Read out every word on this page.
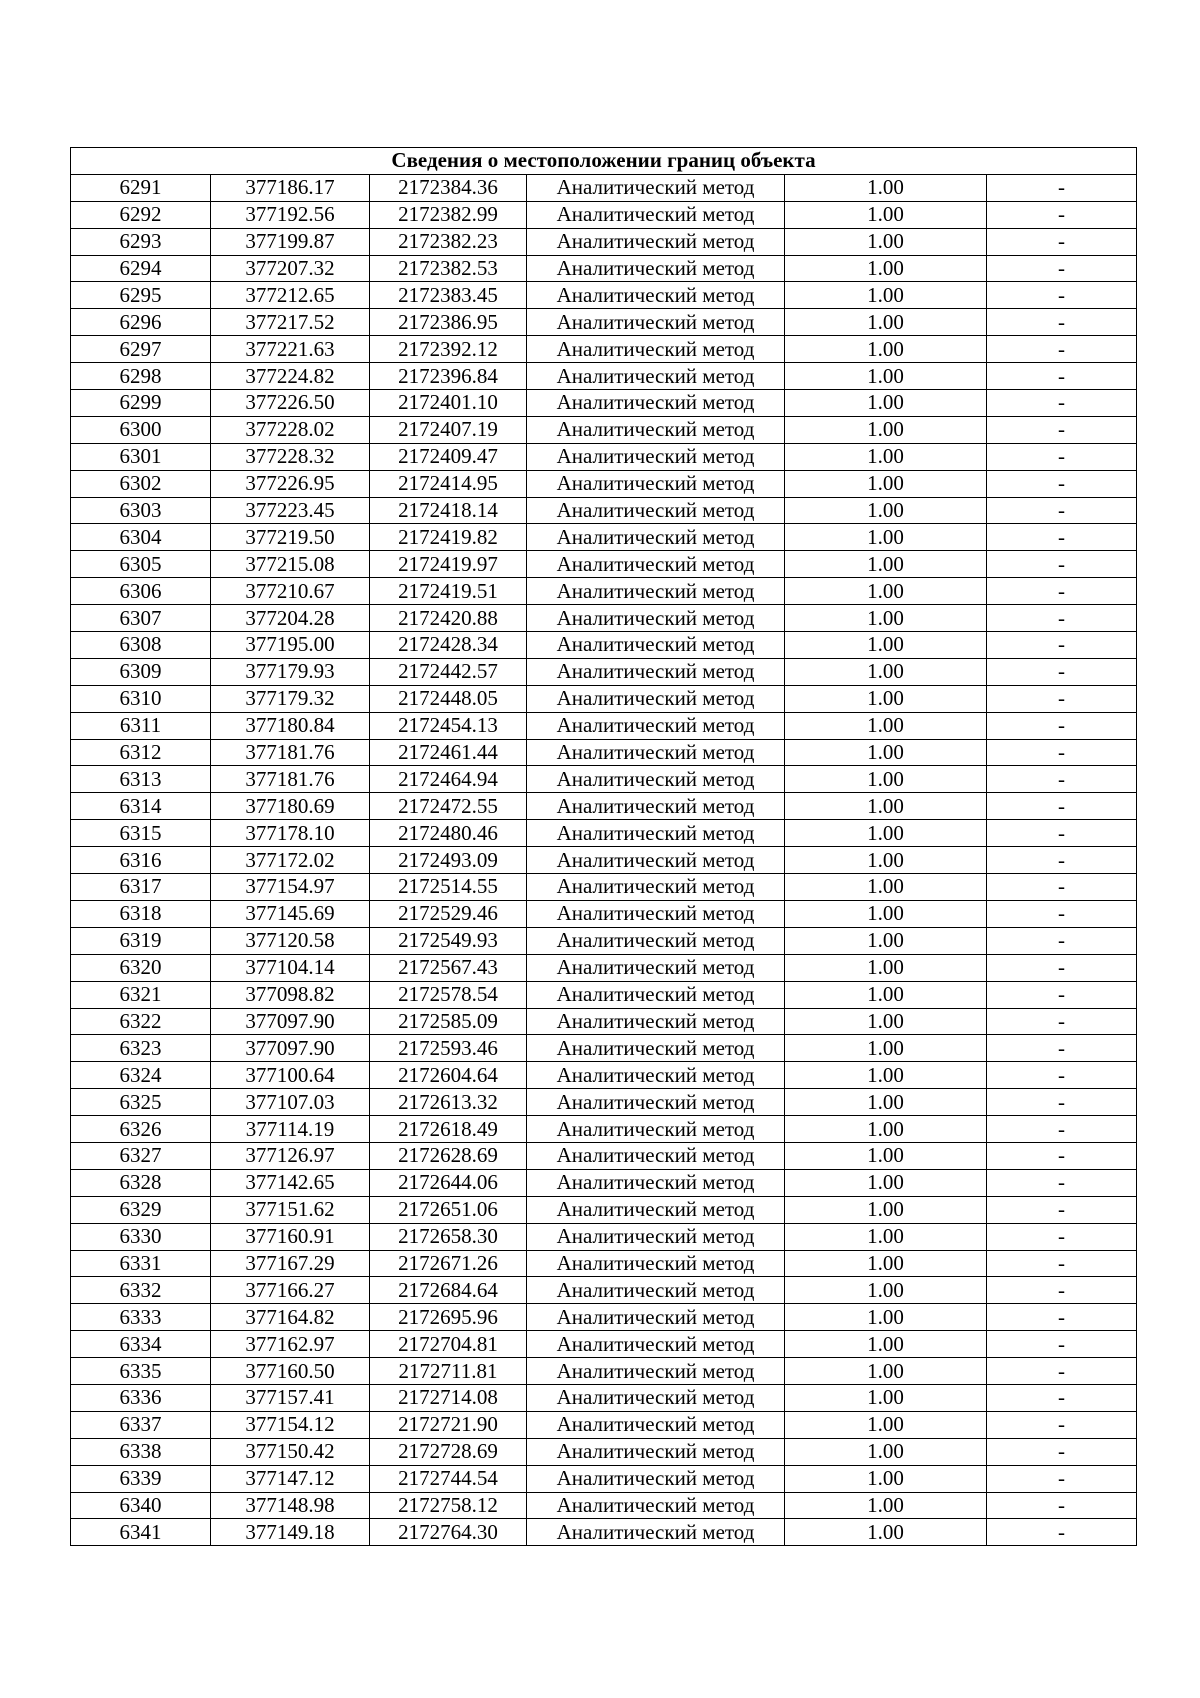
Сведения о местоположении границ объекта					
6291	377186.17	2172384.36	Аналитический метод	1.00	-
6292	377192.56	2172382.99	Аналитический метод	1.00	-
6293	377199.87	2172382.23	Аналитический метод	1.00	-
6294	377207.32	2172382.53	Аналитический метод	1.00	-
6295	377212.65	2172383.45	Аналитический метод	1.00	-
6296	377217.52	2172386.95	Аналитический метод	1.00	-
6297	377221.63	2172392.12	Аналитический метод	1.00	-
6298	377224.82	2172396.84	Аналитический метод	1.00	-
6299	377226.50	2172401.10	Аналитический метод	1.00	-
6300	377228.02	2172407.19	Аналитический метод	1.00	-
6301	377228.32	2172409.47	Аналитический метод	1.00	-
6302	377226.95	2172414.95	Аналитический метод	1.00	-
6303	377223.45	2172418.14	Аналитический метод	1.00	-
6304	377219.50	2172419.82	Аналитический метод	1.00	-
6305	377215.08	2172419.97	Аналитический метод	1.00	-
6306	377210.67	2172419.51	Аналитический метод	1.00	-
6307	377204.28	2172420.88	Аналитический метод	1.00	-
6308	377195.00	2172428.34	Аналитический метод	1.00	-
6309	377179.93	2172442.57	Аналитический метод	1.00	-
6310	377179.32	2172448.05	Аналитический метод	1.00	-
6311	377180.84	2172454.13	Аналитический метод	1.00	-
6312	377181.76	2172461.44	Аналитический метод	1.00	-
6313	377181.76	2172464.94	Аналитический метод	1.00	-
6314	377180.69	2172472.55	Аналитический метод	1.00	-
6315	377178.10	2172480.46	Аналитический метод	1.00	-
6316	377172.02	2172493.09	Аналитический метод	1.00	-
6317	377154.97	2172514.55	Аналитический метод	1.00	-
6318	377145.69	2172529.46	Аналитический метод	1.00	-
6319	377120.58	2172549.93	Аналитический метод	1.00	-
6320	377104.14	2172567.43	Аналитический метод	1.00	-
6321	377098.82	2172578.54	Аналитический метод	1.00	-
6322	377097.90	2172585.09	Аналитический метод	1.00	-
6323	377097.90	2172593.46	Аналитический метод	1.00	-
6324	377100.64	2172604.64	Аналитический метод	1.00	-
6325	377107.03	2172613.32	Аналитический метод	1.00	-
6326	377114.19	2172618.49	Аналитический метод	1.00	-
6327	377126.97	2172628.69	Аналитический метод	1.00	-
6328	377142.65	2172644.06	Аналитический метод	1.00	-
6329	377151.62	2172651.06	Аналитический метод	1.00	-
6330	377160.91	2172658.30	Аналитический метод	1.00	-
6331	377167.29	2172671.26	Аналитический метод	1.00	-
6332	377166.27	2172684.64	Аналитический метод	1.00	-
6333	377164.82	2172695.96	Аналитический метод	1.00	-
6334	377162.97	2172704.81	Аналитический метод	1.00	-
6335	377160.50	2172711.81	Аналитический метод	1.00	-
6336	377157.41	2172714.08	Аналитический метод	1.00	-
6337	377154.12	2172721.90	Аналитический метод	1.00	-
6338	377150.42	2172728.69	Аналитический метод	1.00	-
6339	377147.12	2172744.54	Аналитический метод	1.00	-
6340	377148.98	2172758.12	Аналитический метод	1.00	-
6341	377149.18	2172764.30	Аналитический метод	1.00	-
